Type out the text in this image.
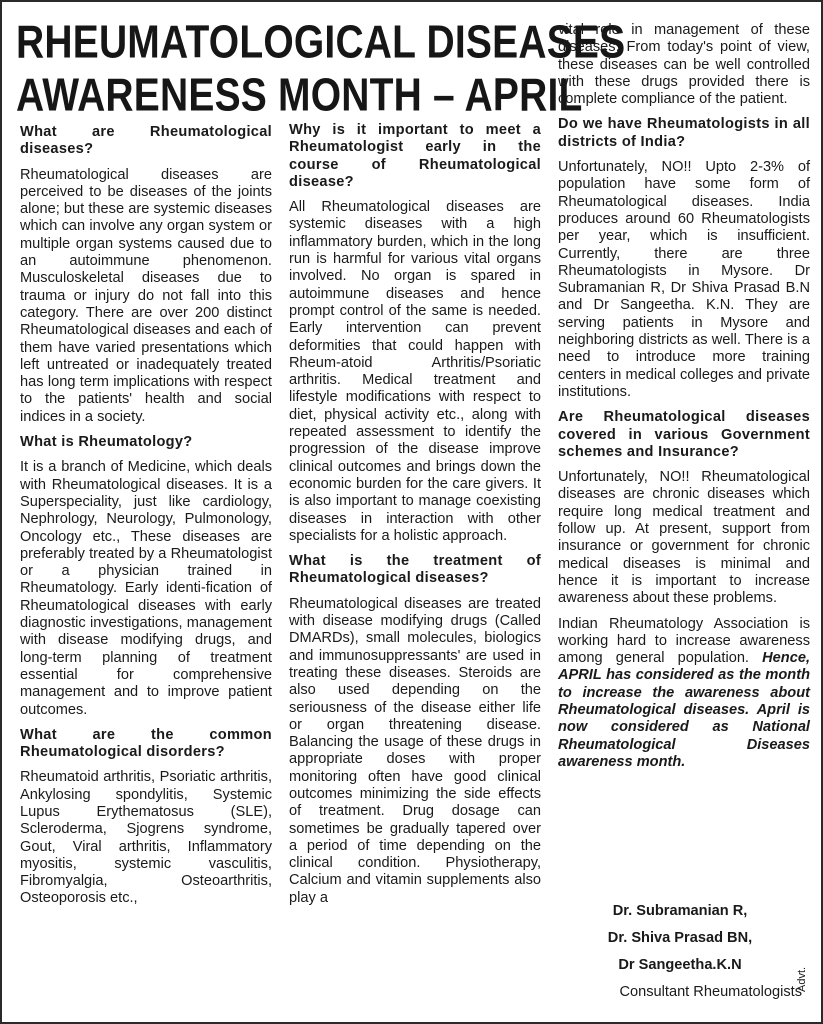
RHEUMATOLOGICAL DISEASES
AWARENESS MONTH – APRIL
What are Rheumatological diseases?
Rheumatological diseases are perceived to be diseases of the joints alone; but these are systemic diseases which can involve any organ system or multiple organ systems caused due to an autoimmune phenomenon. Musculoskeletal diseases due to trauma or injury do not fall into this category. There are over 200 distinct Rheumatological diseases and each of them have varied presentations which left untreated or inadequately treated has long term implications with respect to the patients' health and social indices in a society.
What is Rheumatology?
It is a branch of Medicine, which deals with Rheumatological diseases. It is a Superspeciality, just like cardiology, Nephrology, Neurology, Pulmonology, Oncology etc., These diseases are preferably treated by a Rheumatologist or a physician trained in Rheumatology. Early identi-fication of Rheumatological diseases with early diagnostic investigations, management with disease modifying drugs, and long-term planning of treatment essential for comprehensive management and to improve patient outcomes.
What are the common Rheumatological disorders?
Rheumatoid arthritis, Psoriatic arthritis, Ankylosing spondylitis, Systemic Lupus Erythematosus (SLE), Scleroderma, Sjogrens syndrome, Gout, Viral arthritis, Inflammatory myositis, systemic vasculitis, Fibromyalgia, Osteoarthritis, Osteoporosis etc.,
Why is it important to meet a Rheumatologist early in the course of Rheumatological disease?
All Rheumatological diseases are systemic diseases with a high inflammatory burden, which in the long run is harmful for various vital organs involved. No organ is spared in autoimmune diseases and hence prompt control of the same is needed. Early intervention can prevent deformities that could happen with Rheum-atoid Arthritis/Psoriatic arthritis. Medical treatment and lifestyle modifications with respect to diet, physical activity etc., along with repeated assessment to identify the progression of the disease improve clinical outcomes and brings down the economic burden for the care givers. It is also important to manage coexisting diseases in interaction with other specialists for a holistic approach.
What is the treatment of Rheumatological diseases?
Rheumatological diseases are treated with disease modifying drugs (Called DMARDs), small molecules, biologics and immunosuppressants' are used in treating these diseases. Steroids are also used depending on the seriousness of the disease either life or organ threatening disease. Balancing the usage of these drugs in appropriate doses with proper monitoring often have good clinical outcomes minimizing the side effects of treatment. Drug dosage can sometimes be gradually tapered over a period of time depending on the clinical condition. Physiotherapy, Calcium and vitamin supplements also play a
vital role in management of these diseases. From today's point of view, these diseases can be well controlled with these drugs provided there is complete compliance of the patient.
Do we have Rheumatologists in all districts of India?
Unfortunately, NO!! Upto 2-3% of population have some form of Rheumatological diseases. India produces around 60 Rheumatologists per year, which is insufficient. Currently, there are three Rheumatologists in Mysore. Dr Subramanian R, Dr Shiva Prasad B.N and Dr Sangeetha. K.N. They are serving patients in Mysore and neighboring districts as well. There is a need to introduce more training centers in medical colleges and private institutions.
Are Rheumatological diseases covered in various Government schemes and Insurance?
Unfortunately, NO!! Rheumatological diseases are chronic diseases which require long medical treatment and follow up. At present, support from insurance or government for chronic medical diseases is minimal and hence it is important to increase awareness about these problems.
Indian Rheumatology Association is working hard to increase awareness among general population. Hence, APRIL has considered as the month to increase the awareness about Rheumatological diseases. April is now considered as National Rheumatological Diseases awareness month.
Dr. Subramanian R,
Dr. Shiva Prasad BN,
Dr Sangeetha.K.N
Consultant Rheumatologists
Advt.
